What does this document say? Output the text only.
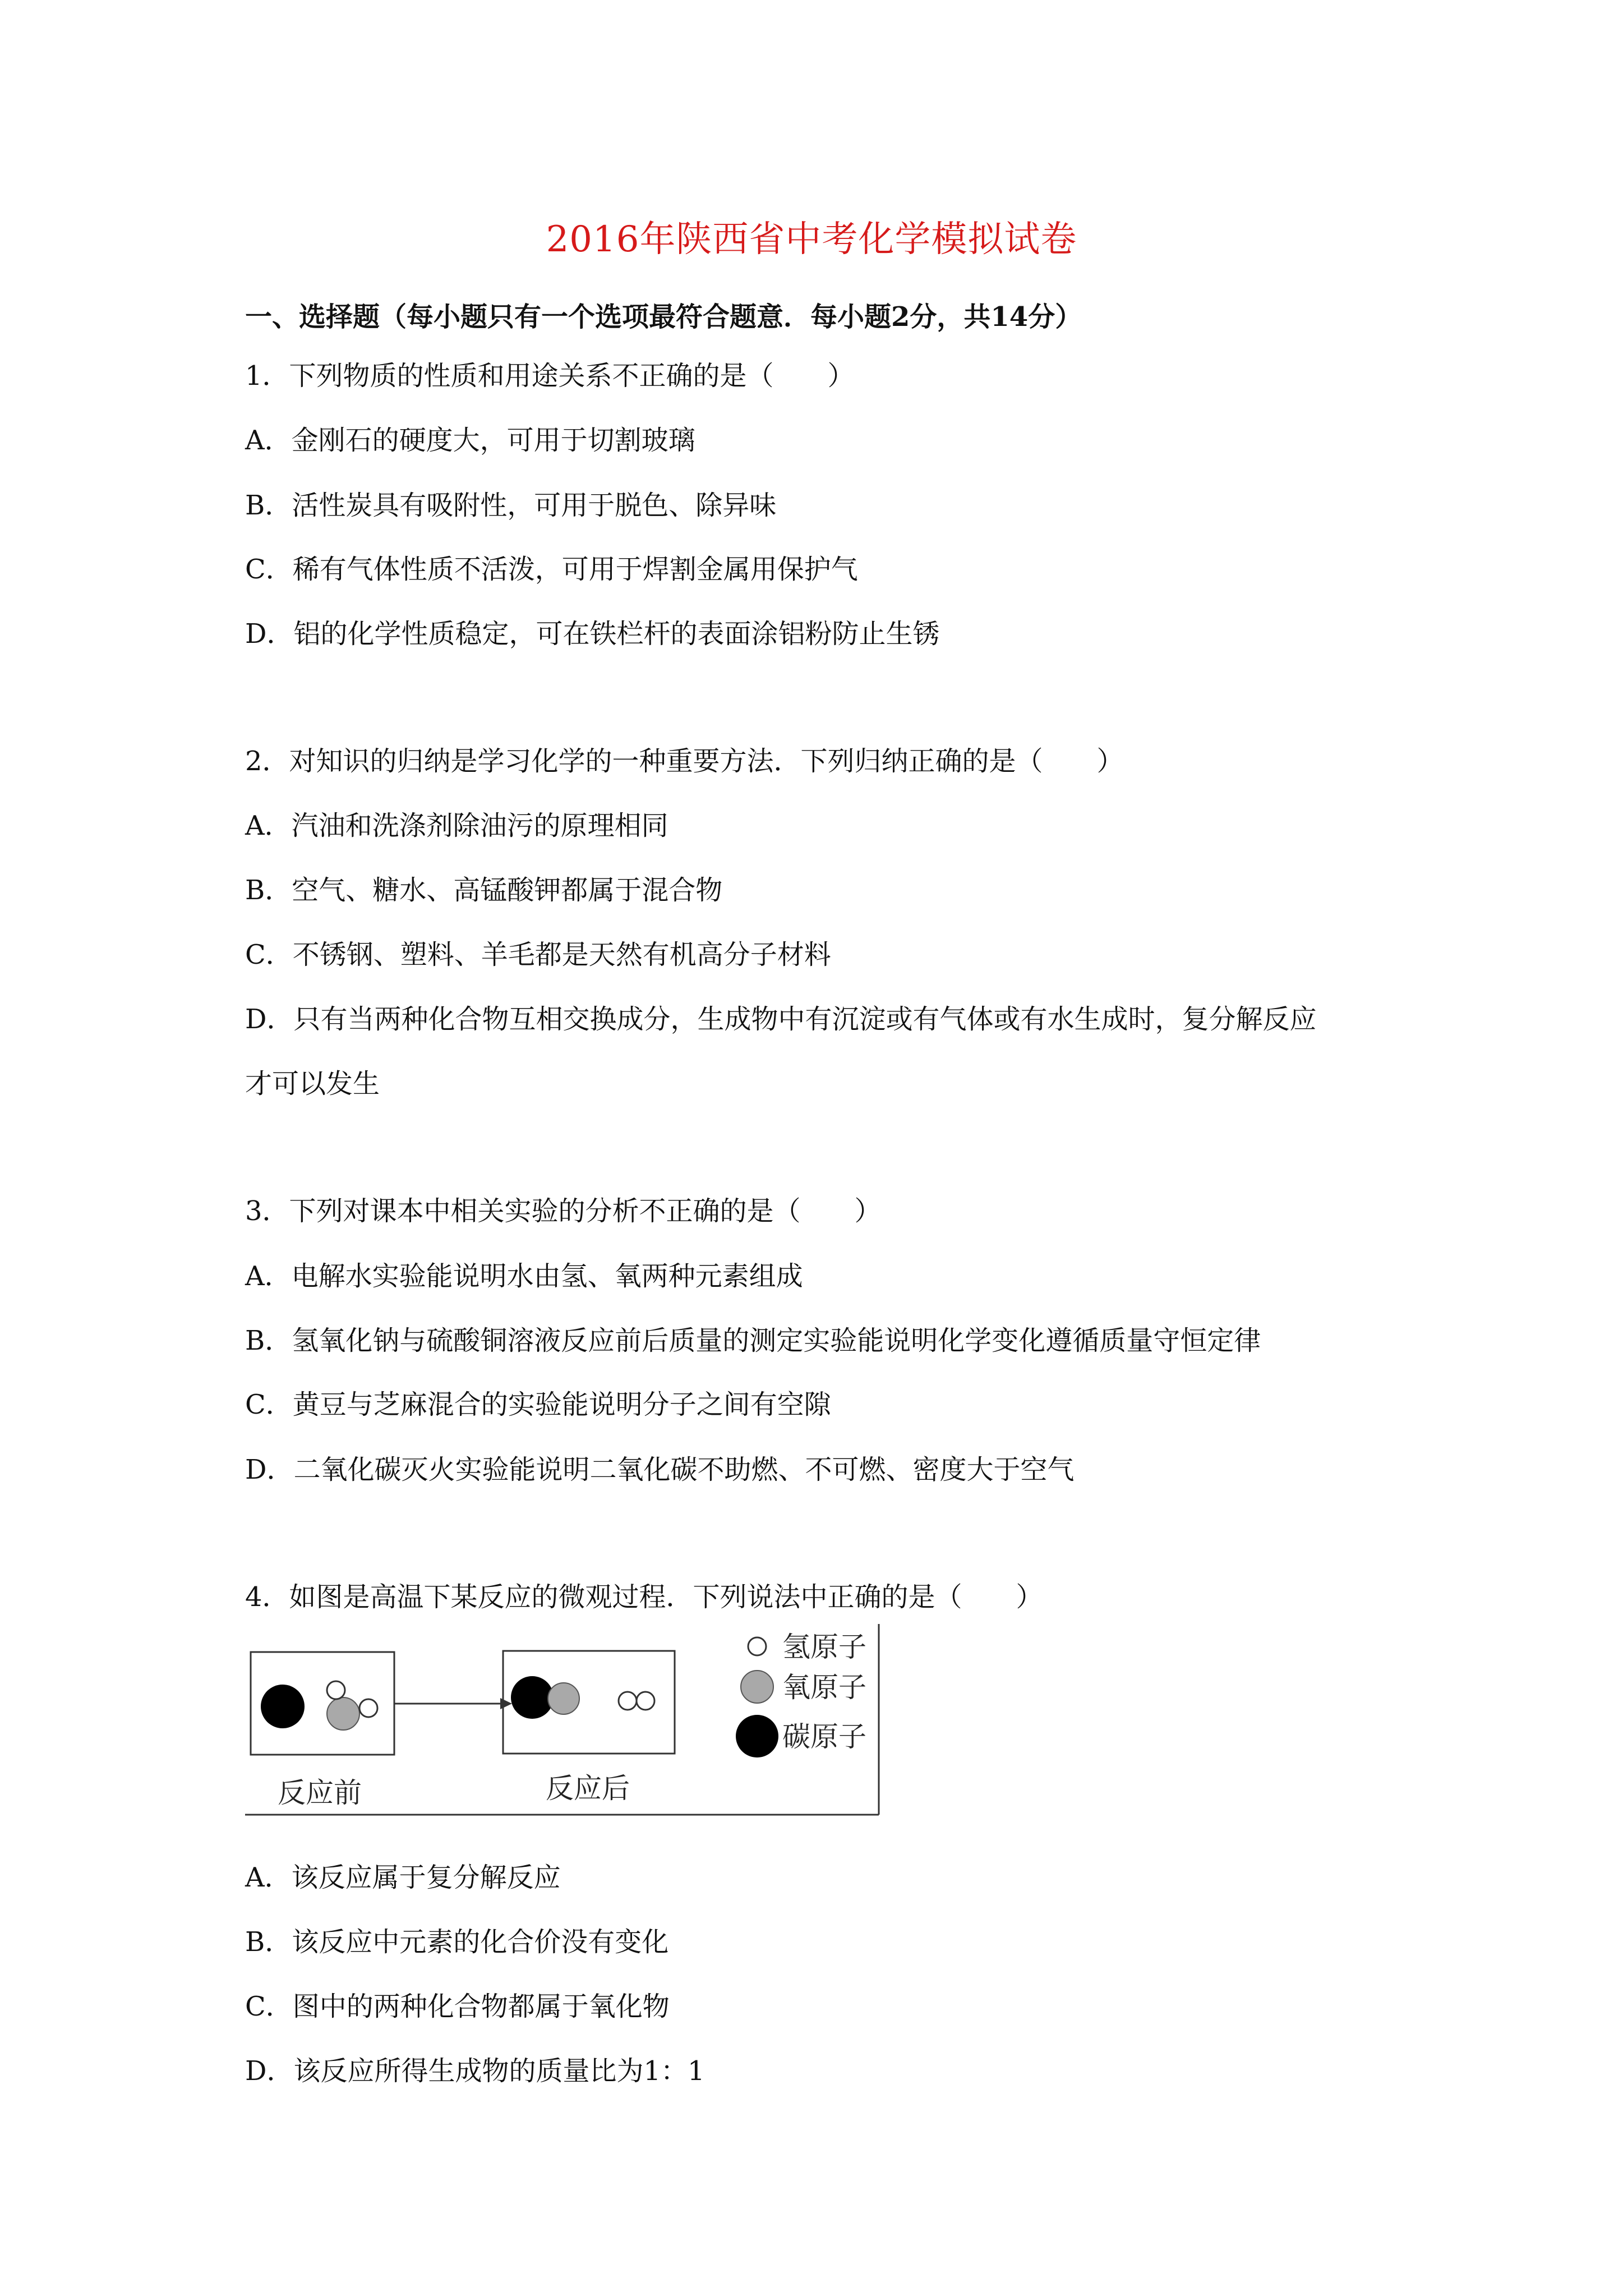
2016年陕西省中考化学模拟试卷
一、选择题（每小题只有一个选项最符合题意．每小题2分，共14分）
1．下列物质的性质和用途关系不正确的是（　　）
A．金刚石的硬度大，可用于切割玻璃
B．活性炭具有吸附性，可用于脱色、除异味
C．稀有气体性质不活泼，可用于焊割金属用保护气
D．铝的化学性质稳定，可在铁栏杆的表面涂铝粉防止生锈
2．对知识的归纳是学习化学的一种重要方法．下列归纳正确的是（　　）
A．汽油和洗涤剂除油污的原理相同
B．空气、糖水、高锰酸钾都属于混合物
C．不锈钢、塑料、羊毛都是天然有机高分子材料
D．只有当两种化合物互相交换成分，生成物中有沉淀或有气体或有水生成时，复分解反应
才可以发生
3．下列对课本中相关实验的分析不正确的是（　　）
A．电解水实验能说明水由氢、氧两种元素组成
B．氢氧化钠与硫酸铜溶液反应前后质量的测定实验能说明化学变化遵循质量守恒定律
C．黄豆与芝麻混合的实验能说明分子之间有空隙
D．二氧化碳灭火实验能说明二氧化碳不助燃、不可燃、密度大于空气
4．如图是高温下某反应的微观过程．下列说法中正确的是（　　）
氢原子
氧原子
碳原子
反应前	反应后
A．该反应属于复分解反应
B．该反应中元素的化合价没有变化
C．图中的两种化合物都属于氧化物
D．该反应所得生成物的质量比为1：1
